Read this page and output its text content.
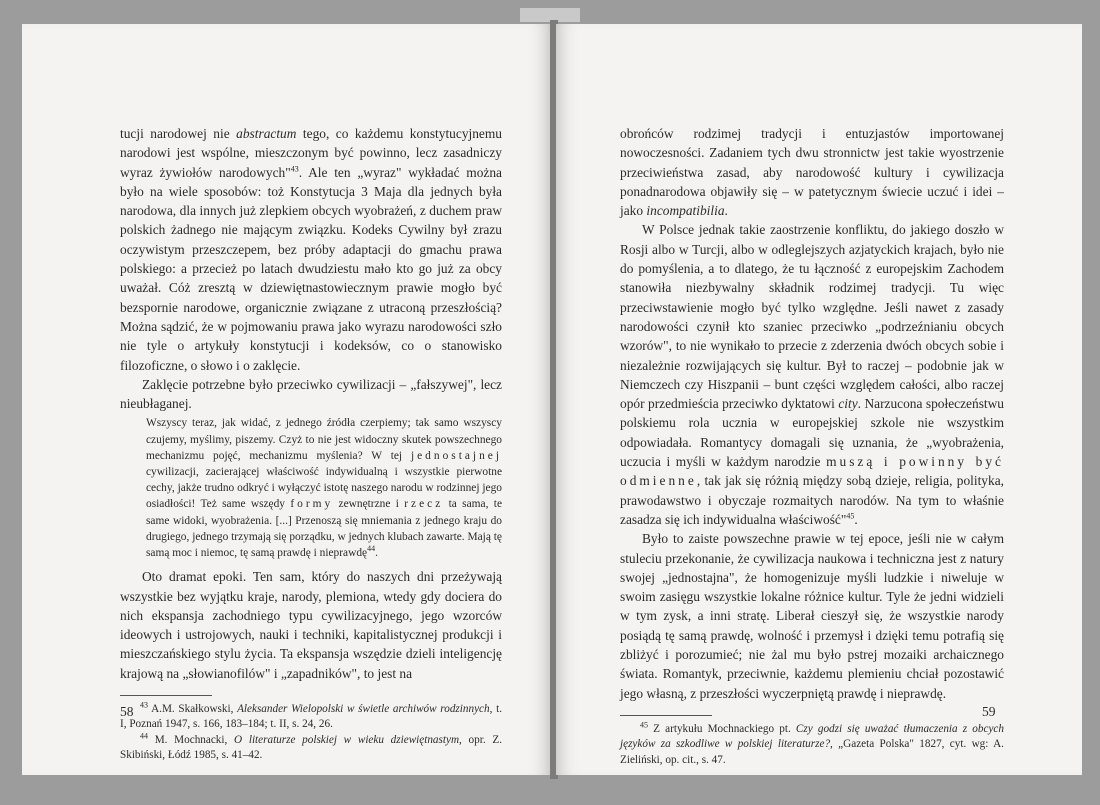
tucji narodowej nie abstractum tego, co każdemu konstytucyjnemu narodowi jest wspólne, mieszczonym być powinno, lecz zasadniczy wyraz żywiołów narodowych"$^{43}$. Ale ten „wyraz" wykładać można było na wiele sposobów: toż Konstytucja 3 Maja dla jednych była narodowa, dla innych już zlepkiem obcych wyobrażeń, z duchem praw polskich żadnego nie mającym związku. Kodeks Cywilny był zrazu oczywistym przeszczepem, bez próby adaptacji do gmachu prawa polskiego: a przecież po latach dwudziestu mało kto go już za obcy uważał. Cóż zresztą w dziewiętnastowiecznym prawie mogło być bezspornie narodowe, organicznie związane z utraconą przeszłością? Można sądzić, że w pojmowaniu prawa jako wyrazu narodowości szło nie tyle o artykuły konstytucji i kodeksów, co o stanowisko filozoficzne, o słowo i o zaklęcie.

Zaklęcie potrzebne było przeciwko cywilizacji – „fałszywej", lecz nieubłaganej.

Wszyscy teraz, jak widać, z jednego źródła czerpiemy; tak samo wszyscy czujemy, myślimy, piszemy. Czyż to nie jest widoczny skutek powszechnego mechanizmu pojęć, mechanizmu myślenia? W tej jednostajnej cywilizacji, zacierającej właściwość indywidualną i wszystkie pierwotne cechy, jakże trudno odkryć i wyłączyć istotę naszego narodu w rodzinnej jego osiadłości! Też same wszędy formy zewnętrzne i rzecz ta sama, te same widoki, wyobrażenia. [...] Przenoszą się mniemania z jednego kraju do drugiego, jednego trzymają się porządku, w jednych klubach zawarte. Mają tę samą moc i niemoc, tę samą prawdę i nieprawdę$^{44}$.

Oto dramat epoki. Ten sam, który do naszych dni przeżywają wszystkie bez wyjątku kraje, narody, plemiona, wtedy gdy dociera do nich ekspansja zachodniego typu cywilizacyjnego, jego wzorców ideowych i ustrojowych, nauki i techniki, kapitalistycznej produkcji i mieszczańskiego stylu życia. Ta ekspansja wszędzie dzieli inteligencję krajową na „słowianofilów" i „zapadników", to jest na

$^{43}$ A.M. Skałkowski, Aleksander Wielopolski w świetle archiwów rodzinnych, t. I, Poznań 1947, s. 166, 183–184; t. II, s. 24, 26.

$^{44}$ M. Mochnacki, O literaturze polskiej w wieku dziewiętnastym, opr. Z. Skibiński, Łódź 1985, s. 41–42.

58

obrońców rodzimej tradycji i entuzjastów importowanej nowoczesności. Zadaniem tych dwu stronnictw jest takie wyostrzenie przeciwieństwa zasad, aby narodowość kultury i cywilizacja ponadnarodowa objawiły się – w patetycznym świecie uczuć i idei – jako incompatibilia.

W Polsce jednak takie zaostrzenie konfliktu, do jakiego doszło w Rosji albo w Turcji, albo w odleglejszych azjatyckich krajach, było nie do pomyślenia, a to dlatego, że tu łączność z europejskim Zachodem stanowiła niezbywalny składnik rodzimej tradycji. Tu więc przeciwstawienie mogło być tylko względne. Jeśli nawet z zasady narodowości czynił kto szaniec przeciwko „podrzeźnianiu obcych wzorów", to nie wynikało to przecie z zderzenia dwóch obcych sobie i niezależnie rozwijających się kultur. Był to raczej – podobnie jak w Niemczech czy Hiszpanii – bunt części względem całości, albo raczej opór przedmieścia przeciwko dyktatowi city. Narzucona społeczeństwu polskiemu rola ucznia w europejskiej szkole nie wszystkim odpowiadała. Romantycy domagali się uznania, że „wyobrażenia, uczucia i myśli w każdym narodzie muszą i powinny być odmienne, tak jak się różnią między sobą dzieje, religia, polityka, prawodawstwo i obyczaje rozmaitych narodów. Na tym to właśnie zasadza się ich indywidualna właściwość"$^{45}$.

Było to zaiste powszechne prawie w tej epoce, jeśli nie w całym stuleciu przekonanie, że cywilizacja naukowa i techniczna jest z natury swojej „jednostajna", że homogenizuje myśli ludzkie i niweluje w swoim zasięgu wszystkie lokalne różnice kultur. Tyle że jedni widzieli w tym zysk, a inni stratę. Liberał cieszył się, że wszystkie narody posiądą tę samą prawdę, wolność i przemysł i dzięki temu potrafią się zbliżyć i porozumieć; nie żal mu było pstrej mozaiki archaicznego świata. Romantyk, przeciwnie, każdemu plemieniu chciał pozostawić jego własną, z przeszłości wyczerpniętą prawdę i nieprawdę.

$^{45}$ Z artykułu Mochnackiego pt. Czy godzi się uważać tłumaczenia z obcych języków za szkodliwe w polskiej literaturze?, „Gazeta Polska" 1827, cyt. wg: A. Zieliński, op. cit., s. 47.

59
